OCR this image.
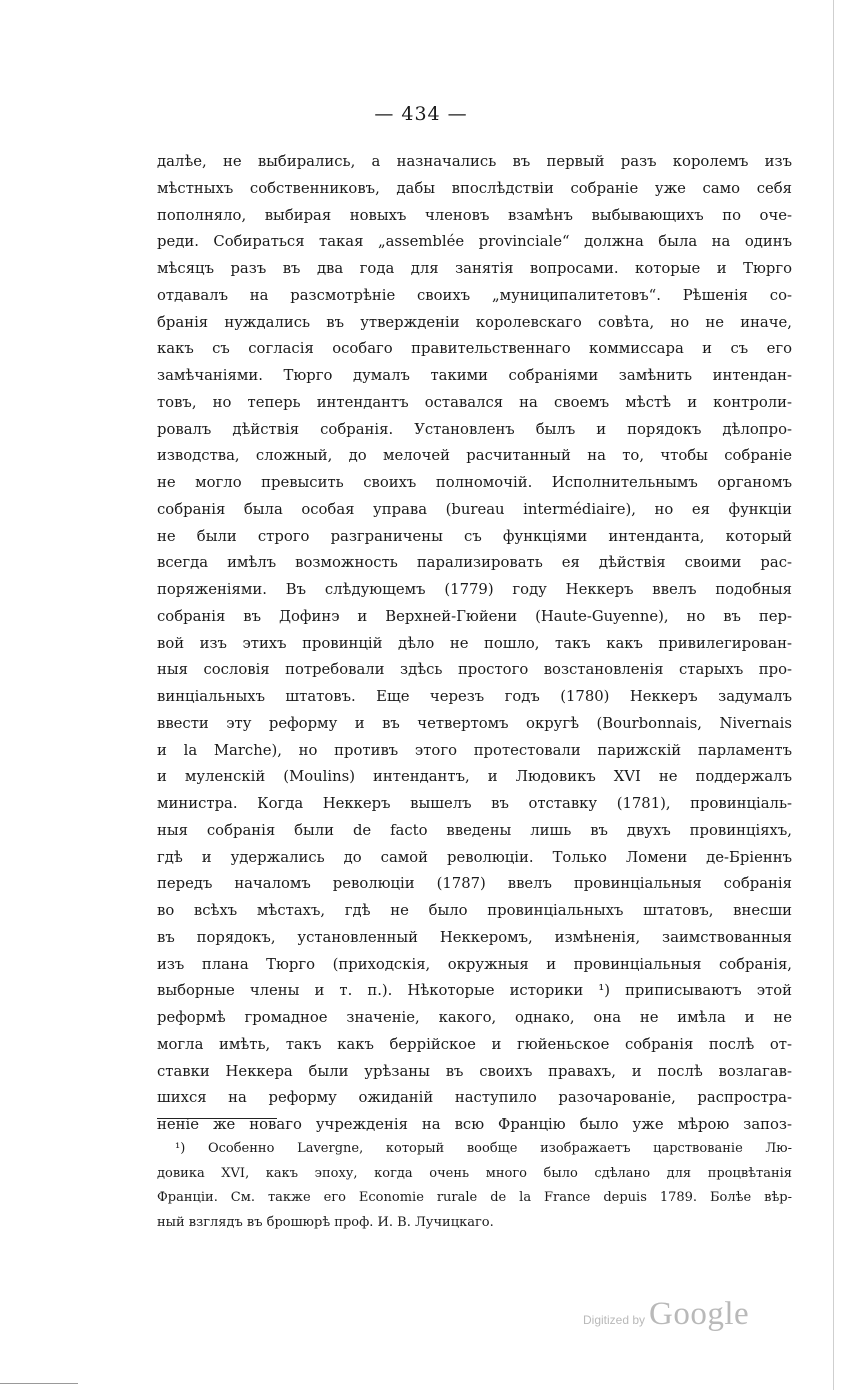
— 434 —
далѣе, не выбирались, а назначались въ первый разъ королемъ изъ
мѣстныхъ собственниковъ, дабы впослѣдствіи собраніе уже само себя
пополняло, выбирая новыхъ членовъ взамѣнъ выбывающихъ по оче-
реди. Собираться такая „assemblée provinciale“ должна была на одинъ
мѣсяцъ разъ въ два года для занятія вопросами. которые и Тюрго
отдавалъ на разсмотрѣніе своихъ „муниципалитетовъ“. Рѣшенія со-
бранія нуждались въ утвержденіи королевскаго совѣта, но не иначе,
какъ съ согласія особаго правительственнаго коммиссара и съ его
замѣчаніями. Тюрго думалъ такими собраніями замѣнить интендан-
товъ, но теперь интендантъ оставался на своемъ мѣстѣ и контроли-
ровалъ дѣйствія собранія. Установленъ былъ и порядокъ дѣлопро-
изводства, сложный, до мелочей расчитанный на то, чтобы собраніе
не могло превысить своихъ полномочій. Исполнительнымъ органомъ
собранія была особая управа (bureau intermédiaire), но ея функціи
не были строго разграничены съ функціями интенданта, который
всегда имѣлъ возможность парализировать ея дѣйствія своими рас-
поряженіями. Въ слѣдующемъ (1779) году Неккеръ ввелъ подобныя
собранія въ Дофинэ и Верхней-Гюйени (Haute-Guyenne), но въ пер-
вой изъ этихъ провинцій дѣло не пошло, такъ какъ привилегирован-
ныя сословія потребовали здѣсь простого возстановленія старыхъ про-
винціальныхъ штатовъ. Еще черезъ годъ (1780) Неккеръ задумалъ
ввести эту реформу и въ четвертомъ округѣ (Bourbonnais, Nivernais
и la Marche), но противъ этого протестовали парижскій парламентъ
и муленскій (Moulins) интендантъ, и Людовикъ XVI не поддержалъ
министра. Когда Неккеръ вышелъ въ отставку (1781), провинціаль-
ныя собранія были de facto введены лишь въ двухъ провинціяхъ,
гдѣ и удержались до самой революціи. Только Ломени де-Бріеннъ
передъ началомъ революціи (1787) ввелъ провинціальныя собранія
во всѣхъ мѣстахъ, гдѣ не было провинціальныхъ штатовъ, внесши
въ порядокъ, установленный Неккеромъ, измѣненія, заимствованныя
изъ плана Тюрго (приходскія, окружныя и провинціальныя собранія,
выборные члены и т. п.). Нѣкоторые историки ¹) приписываютъ этой
реформѣ громадное значеніе, какого, однако, она не имѣла и не
могла имѣть, такъ какъ беррійское и гюйеньское собранія послѣ от-
ставки Неккера были урѣзаны въ своихъ правахъ, и послѣ возлагав-
шихся на реформу ожиданій наступило разочарованіе, распростра-
неніе же новаго учрежденія на всю Францію было уже мѣрою запоз-
¹) Особенно Lavergne, который вообще изображаетъ царствованіе Лю-
довика XVI, какъ эпоху, когда очень много было сдѣлано для процвѣтанія
Франціи. См. также его Economie rurale de la France depuis 1789. Болѣе вѣр-
ный взглядъ въ брошюрѣ проф. И. В. Лучицкаго.
Digitized by Google
